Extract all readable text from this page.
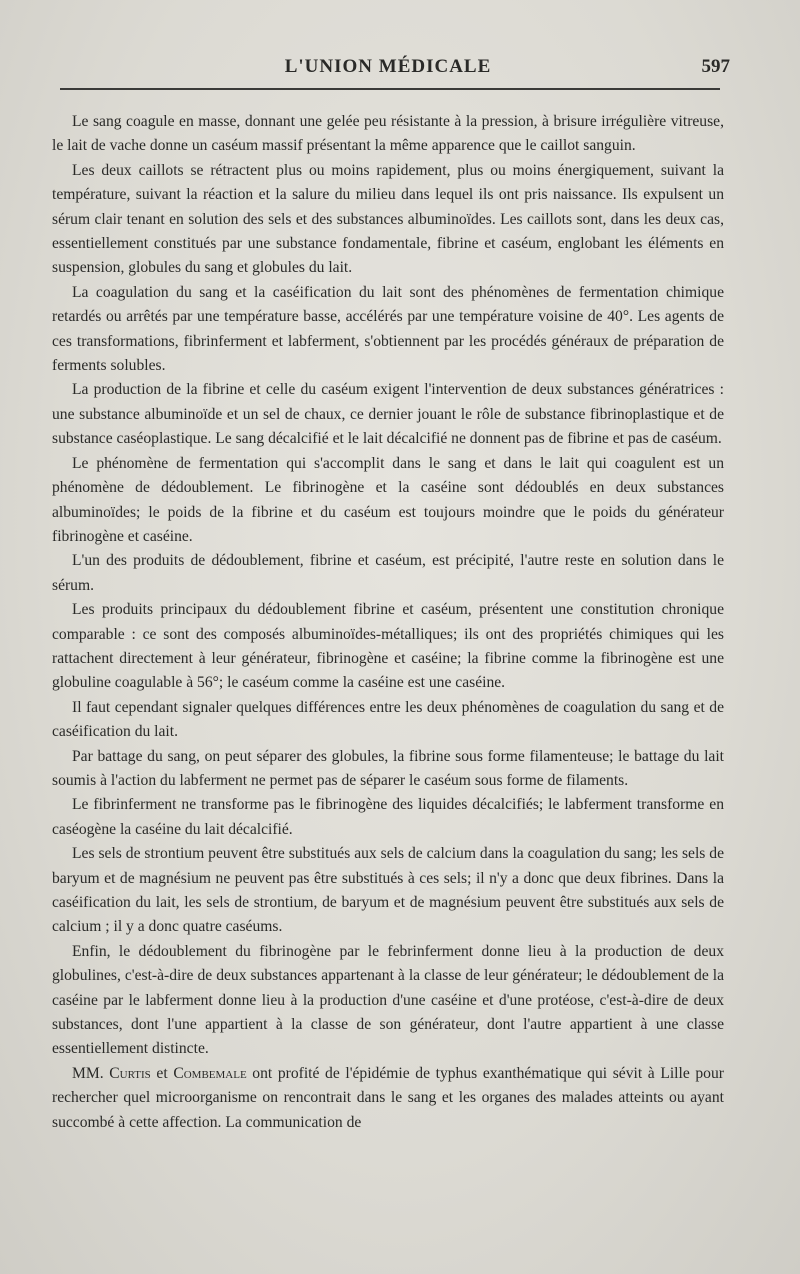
L'UNION MÉDICALE	597

Le sang coagule en masse, donnant une gelée peu résistante à la pression, à brisure irrégulière vitreuse, le lait de vache donne un caséum massif présentant la même apparence que le caillot sanguin.

Les deux caillots se rétractent plus ou moins rapidement, plus ou moins énergiquement, suivant la température, suivant la réaction et la salure du milieu dans lequel ils ont pris naissance. Ils expulsent un sérum clair tenant en solution des sels et des substances albuminoïdes. Les caillots sont, dans les deux cas, essentiellement constitués par une substance fondamentale, fibrine et caséum, englobant les éléments en suspension, globules du sang et globules du lait.

La coagulation du sang et la caséification du lait sont des phénomènes de fermentation chimique retardés ou arrêtés par une température basse, accélérés par une température voisine de 40°. Les agents de ces transformations, fibrinferment et labferment, s'obtiennent par les procédés généraux de préparation de ferments solubles.

La production de la fibrine et celle du caséum exigent l'intervention de deux substances génératrices : une substance albuminoïde et un sel de chaux, ce dernier jouant le rôle de substance fibrinoplastique et de substance caséoplastique. Le sang décalcifié et le lait décalcifié ne donnent pas de fibrine et pas de caséum.

Le phénomène de fermentation qui s'accomplit dans le sang et dans le lait qui coagulent est un phénomène de dédoublement. Le fibrinogène et la caséine sont dédoublés en deux substances albuminoïdes; le poids de la fibrine et du caséum est toujours moindre que le poids du générateur fibrinogène et caséine.

L'un des produits de dédoublement, fibrine et caséum, est précipité, l'autre reste en solution dans le sérum.

Les produits principaux du dédoublement fibrine et caséum, présentent une constitution chronique comparable : ce sont des composés albuminoïdes-métalliques; ils ont des propriétés chimiques qui les rattachent directement à leur générateur, fibrinogène et caséine; la fibrine comme la fibrinogène est une globuline coagulable à 56°; le caséum comme la caséine est une caséine.

Il faut cependant signaler quelques différences entre les deux phénomènes de coagulation du sang et de caséification du lait.

Par battage du sang, on peut séparer des globules, la fibrine sous forme filamenteuse; le battage du lait soumis à l'action du labferment ne permet pas de séparer le caséum sous forme de filaments.

Le fibrinferment ne transforme pas le fibrinogène des liquides décalcifiés; le labferment transforme en caséogène la caséine du lait décalcifié.

Les sels de strontium peuvent être substitués aux sels de calcium dans la coagulation du sang; les sels de baryum et de magnésium ne peuvent pas être substitués à ces sels; il n'y a donc que deux fibrines. Dans la caséification du lait, les sels de strontium, de baryum et de magnésium peuvent être substitués aux sels de calcium ; il y a donc quatre caséums.

Enfin, le dédoublement du fibrinogène par le febrinferment donne lieu à la production de deux globulines, c'est-à-dire de deux substances appartenant à la classe de leur générateur; le dédoublement de la caséine par le labferment donne lieu à la production d'une caséine et d'une protéose, c'est-à-dire de deux substances, dont l'une appartient à la classe de son générateur, dont l'autre appartient à une classe essentiellement distincte.

MM. Curtis et Combemale ont profité de l'épidémie de typhus exanthématique qui sévit à Lille pour rechercher quel microorganisme on rencontrait dans le sang et les organes des malades atteints ou ayant succombé à cette affection. La communication de
